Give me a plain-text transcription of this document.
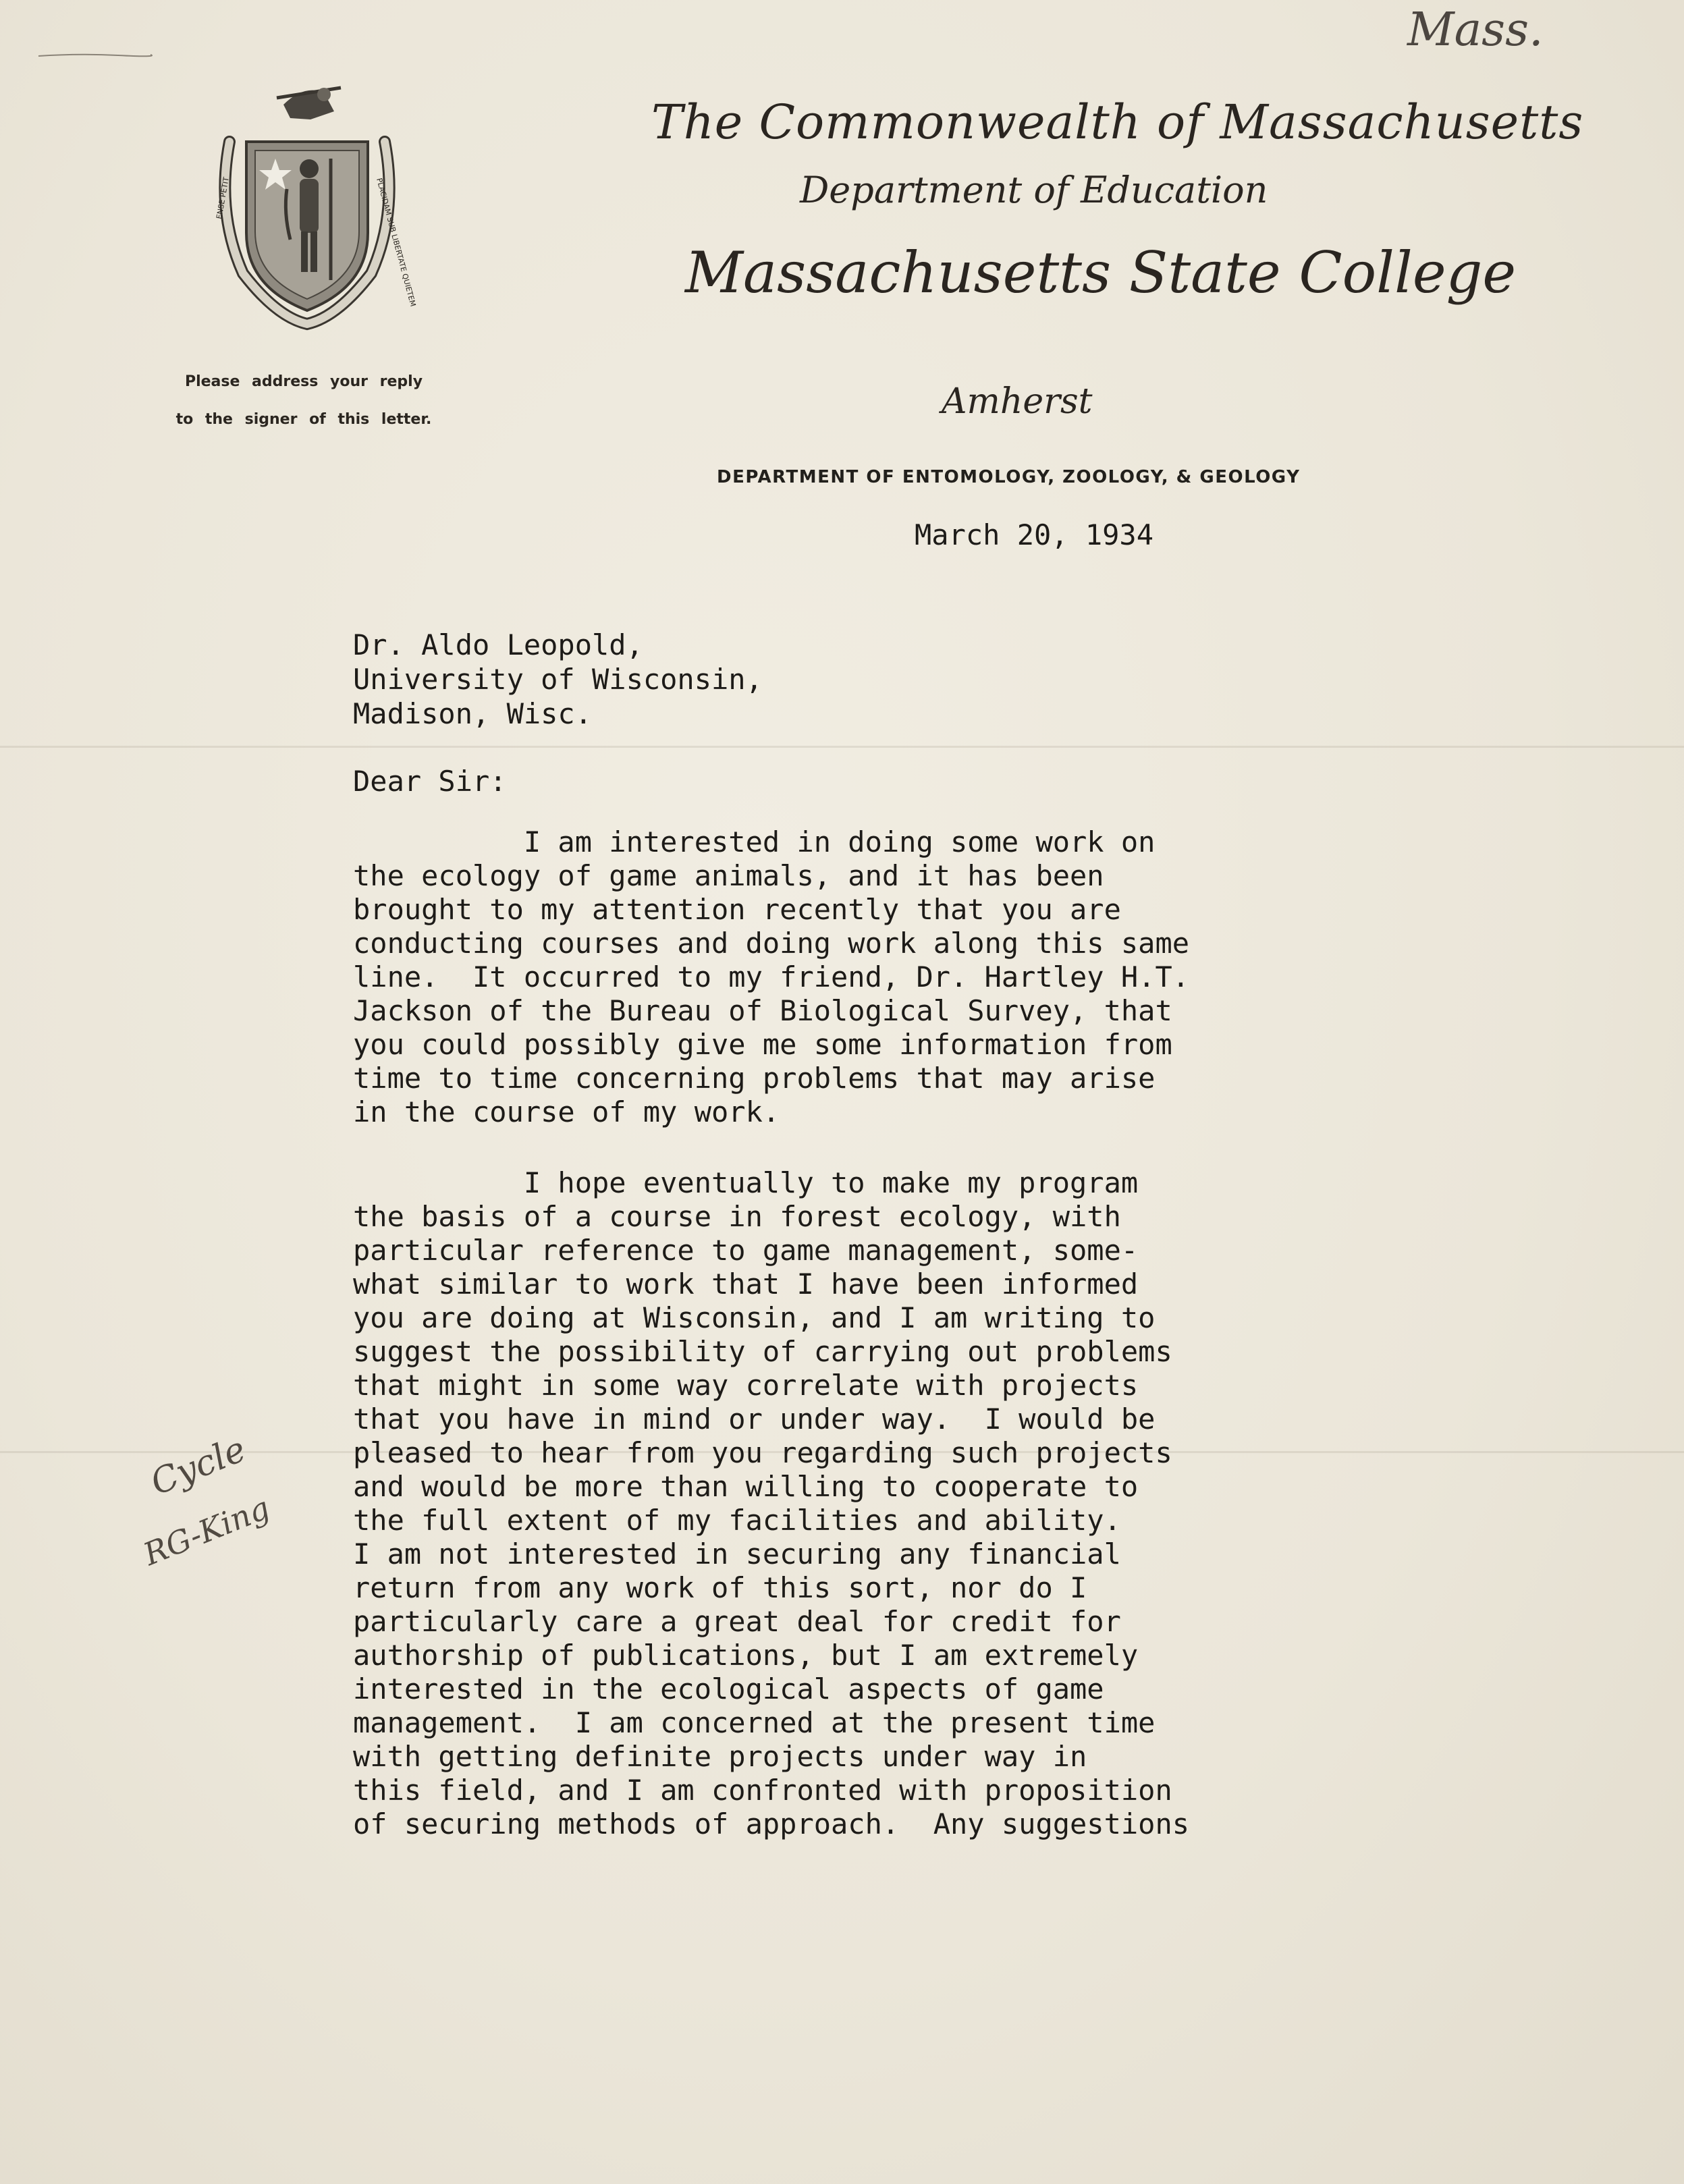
Mass.
ENSE PETIT	PLACIDAM SUB LIBERTATE QUIETEM
Please address your reply
to the signer of this letter.
The Commonwealth of Massachusetts
Department of Education
Massachusetts State College
Amherst
DEPARTMENT OF ENTOMOLOGY, ZOOLOGY, & GEOLOGY
March 20, 1934
Dr. Aldo Leopold,
University of Wisconsin,
Madison, Wisc.
Dear Sir:
I am interested in doing some work on
the ecology of game animals, and it has been
brought to my attention recently that you are
conducting courses and doing work along this same
line.  It occurred to my friend, Dr. Hartley H.T.
Jackson of the Bureau of Biological Survey, that
you could possibly give me some information from
time to time concerning problems that may arise
in the course of my work.
I hope eventually to make my program
the basis of a course in forest ecology, with
particular reference to game management, some-
what similar to work that I have been informed
you are doing at Wisconsin, and I am writing to
suggest the possibility of carrying out problems
that might in some way correlate with projects
that you have in mind or under way.  I would be
pleased to hear from you regarding such projects
and would be more than willing to cooperate to
the full extent of my facilities and ability.
I am not interested in securing any financial
return from any work of this sort, nor do I
particularly care a great deal for credit for
authorship of publications, but I am extremely
interested in the ecological aspects of game
management.  I am concerned at the present time
with getting definite projects under way in
this field, and I am confronted with proposition
of securing methods of approach.  Any suggestions
Cycle
RG-King
